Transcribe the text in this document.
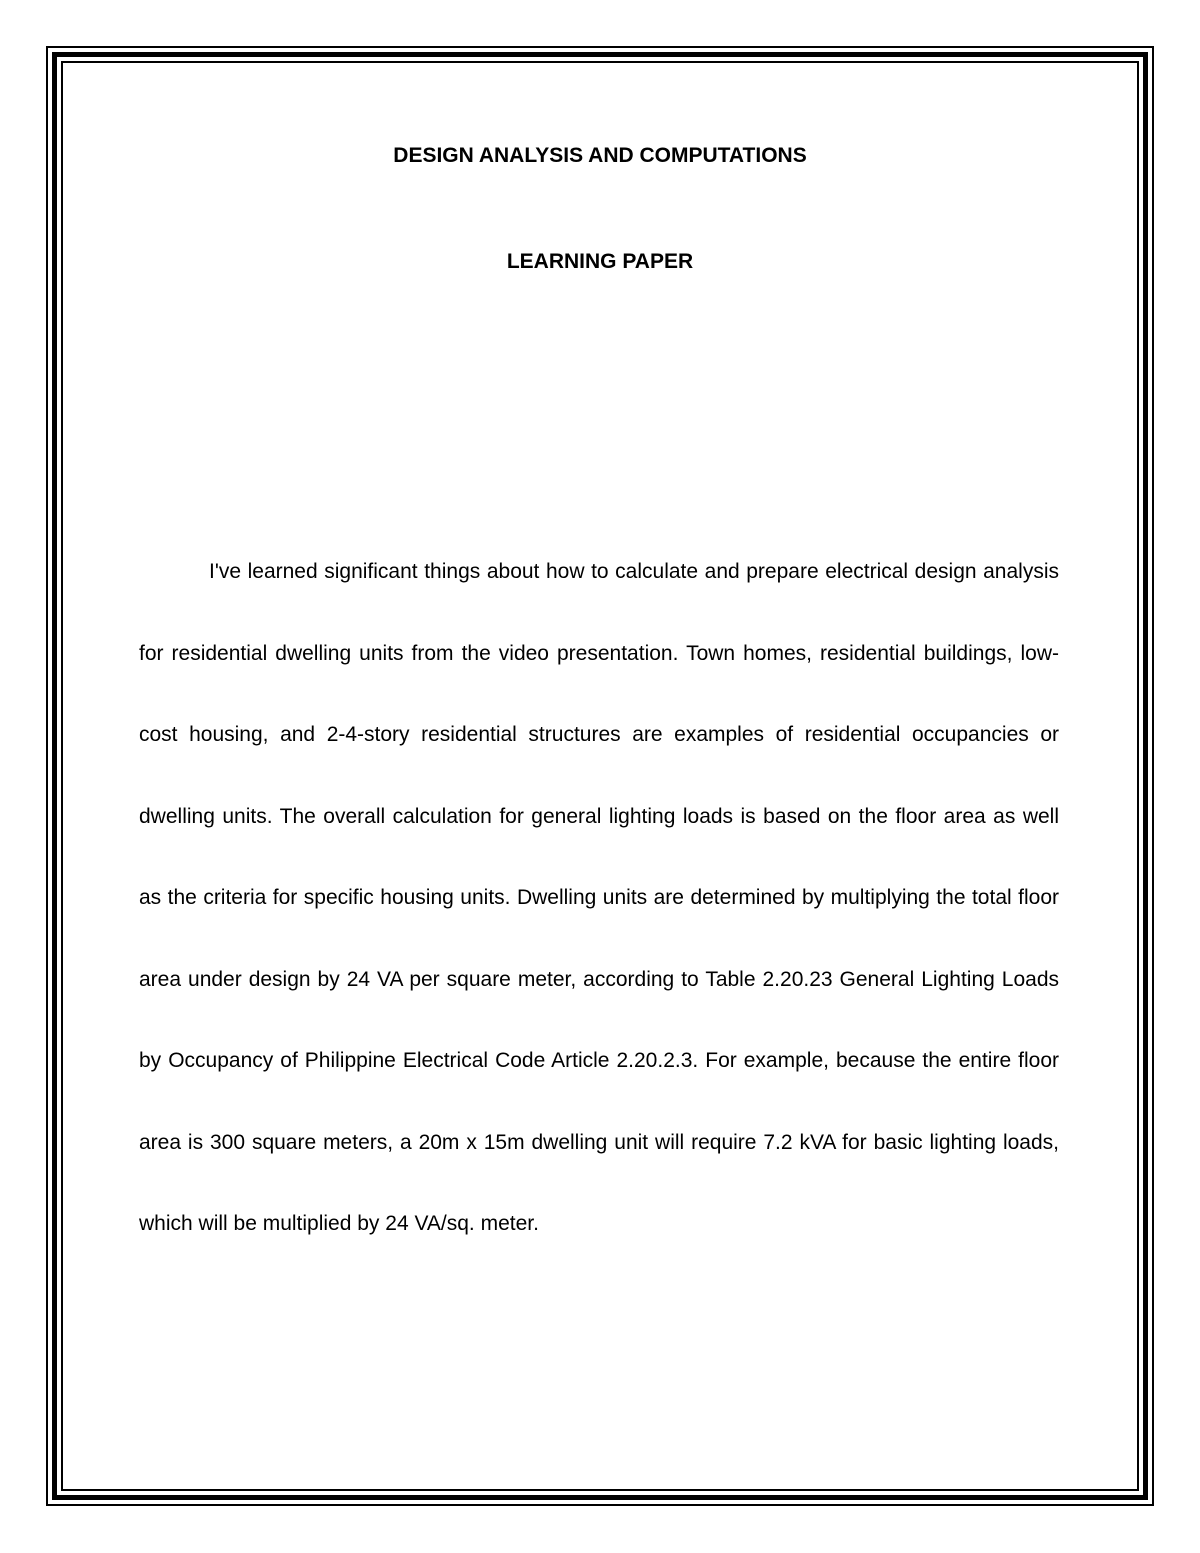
DESIGN ANALYSIS AND COMPUTATIONS
LEARNING PAPER

I've learned significant things about how to calculate and prepare electrical design analysis for residential dwelling units from the video presentation. Town homes, residential buildings, low-cost housing, and 2-4-story residential structures are examples of residential occupancies or dwelling units. The overall calculation for general lighting loads is based on the floor area as well as the criteria for specific housing units. Dwelling units are determined by multiplying the total floor area under design by 24 VA per square meter, according to Table 2.20.23 General Lighting Loads by Occupancy of Philippine Electrical Code Article 2.20.2.3. For example, because the entire floor area is 300 square meters, a 20m x 15m dwelling unit will require 7.2 kVA for basic lighting loads, which will be multiplied by 24 VA/sq. meter.
